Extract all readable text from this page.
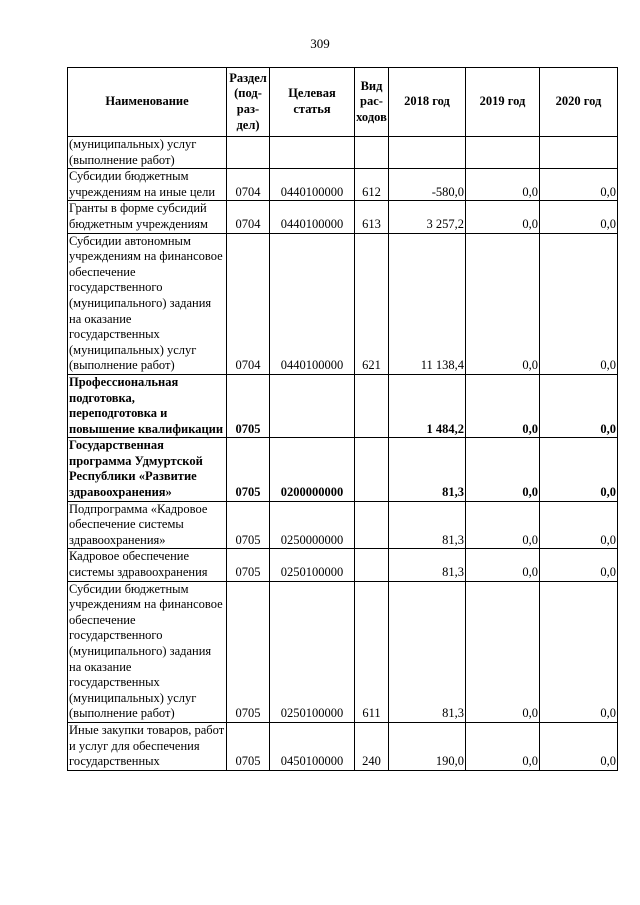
309
Наименование	Раздел (под-раз-дел)	Целевая статья	Вид рас-ходов	2018 год	2019 год	2020 год
(муниципальных) услуг (выполнение работ)						
Субсидии бюджетным учреждениям на иные цели	0704	0440100000	612	-580,0	0,0	0,0
Гранты в форме субсидий бюджетным учреждениям	0704	0440100000	613	3 257,2	0,0	0,0
Субсидии автономным учреждениям на финансовое обеспечение государственного (муниципального) задания на оказание государственных (муниципальных) услуг (выполнение работ)	0704	0440100000	621	11 138,4	0,0	0,0
Профессиональная подготовка, переподготовка и повышение квалификации	0705			1 484,2	0,0	0,0
Государственная программа Удмуртской Республики «Развитие здравоохранения»	0705	0200000000		81,3	0,0	0,0
Подпрограмма «Кадровое обеспечение системы здравоохранения»	0705	0250000000		81,3	0,0	0,0
Кадровое обеспечение системы здравоохранения	0705	0250100000		81,3	0,0	0,0
Субсидии бюджетным учреждениям на финансовое обеспечение государственного (муниципального) задания на оказание государственных (муниципальных) услуг (выполнение работ)	0705	0250100000	611	81,3	0,0	0,0
Иные закупки товаров, работ и услуг для обеспечения государственных	0705	0450100000	240	190,0	0,0	0,0
